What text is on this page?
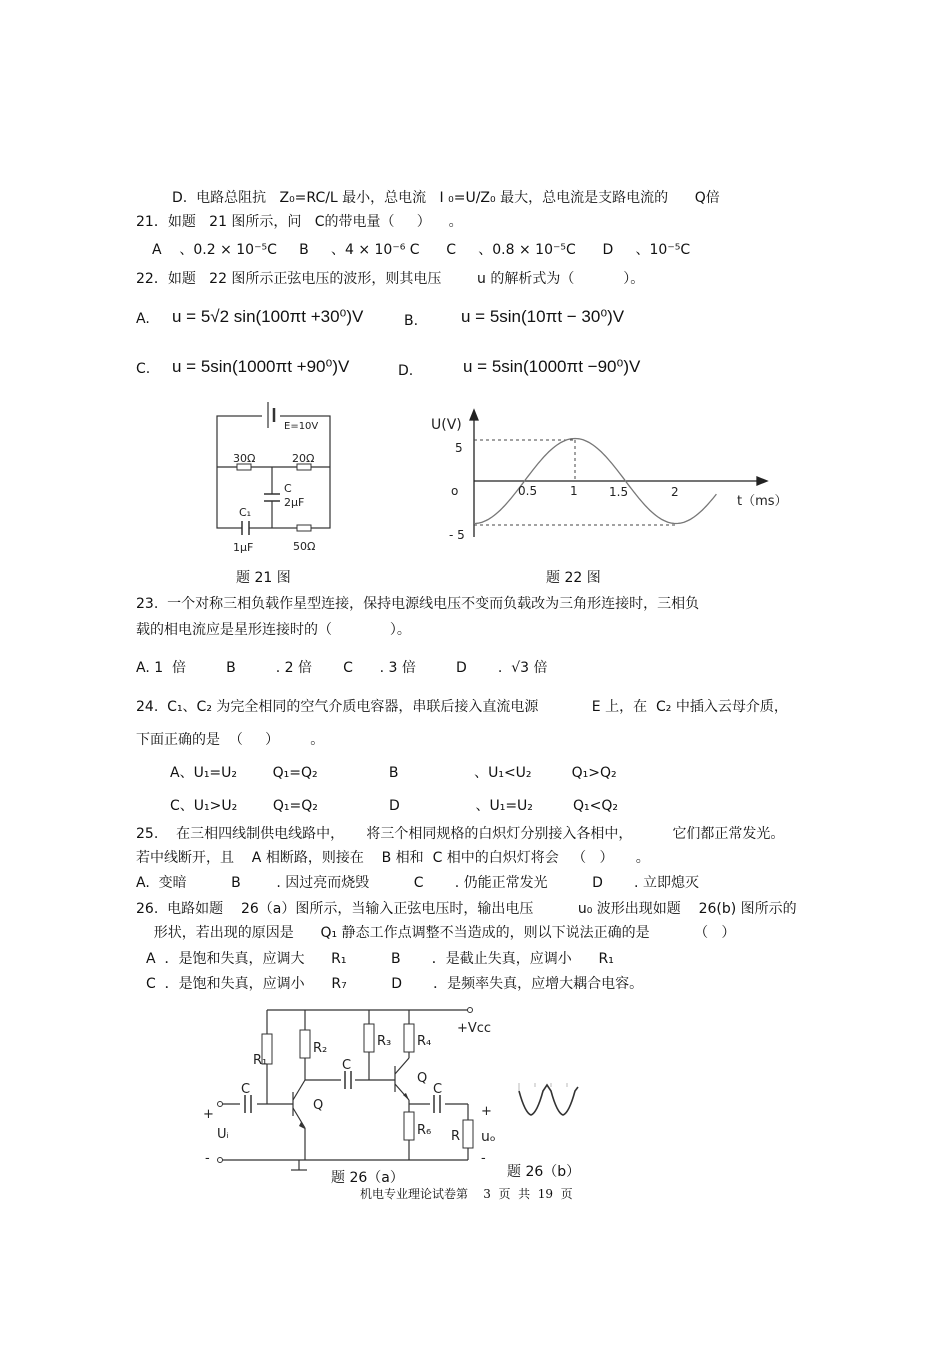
D.  电路总阻抗   Z₀=RC/L 最小，总电流   I ₀=U/Z₀ 最大，总电流是支路电流的      Q倍
21．如题   21 图所示，问   C的带电量（     ）    。
A    、0.2 × 10⁻⁵C     B     、4 × 10⁻⁶ C      C     、0.8 × 10⁻⁵C      D     、10⁻⁵C
22．如题   22 图所示正弦电压的波形，则其电压        u 的解析式为（           ）。
A. u = 5√2 sin(100πt +30⁰)V	B.	u = 5sin(10πt − 30⁰)V
C. u = 5sin(1000πt +90⁰)V	D.	u = 5sin(1000πt −90⁰)V
E=10V
30Ω	20Ω
C
2μF
C₁
1μF	50Ω
U(V)
5
- 5
o	0.5	1	1.5	2
t（ms）
题 21 图	题 22 图
23.  一个对称三相负载作星型连接，保持电源线电压不变而负载改为三角形连接时，三相负
载的相电流应是星形连接时的（             ）。
A. 1  倍         B         . 2 倍       C      . 3 倍         D       .  √3 倍
24.  C₁、C₂ 为完全相同的空气介质电容器，串联后接入直流电源            E 上，在  C₂ 中插入云母介质，
下面正确的是  （     ）       。
A、U₁=U₂        Q₁=Q₂                B                 、U₁<U₂         Q₁>Q₂
C、U₁>U₂        Q₁=Q₂                D                 、U₁=U₂         Q₁<Q₂
25.    在三相四线制供电线路中，     将三个相同规格的白炽灯分别接入各相中，         它们都正常发光。
若中线断开，且    A 相断路，则接在    B 相和  C 相中的白炽灯将会   （   ）     。
A.  变暗          B        . 因过亮而烧毁          C       . 仍能正常发光          D       . 立即熄灭
26.  电路如题    26（a）图所示，当输入正弦电压时，输出电压          u₀ 波形出现如题    26(b) 图所示的
形状，若出现的原因是      Q₁ 静态工作点调整不当造成的，则以下说法正确的是          （   ）
A  ．是饱和失真，应调大      R₁          B       ．是截止失真，应调小      R₁
C  ．是饱和失真，应调小      R₇          D       ．是频率失真，应增大耦合电容。
+Vcc
R₁
R₂	R₃ R₄
R₆ R
C
C
C
Q
Q
+
-
Uᵢ
+
-
uₒ
题 26（a）	题 26（b）
机电专业理论试卷第    3  页  共  19  页
